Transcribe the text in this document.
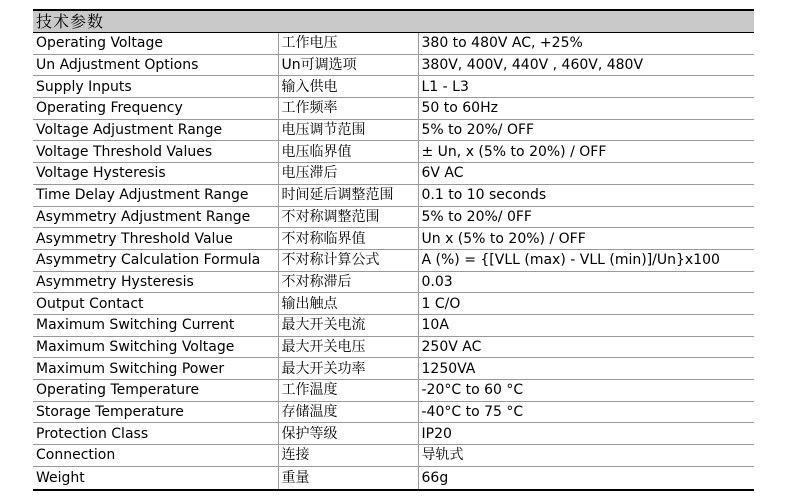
技术参数
Operating Voltage	工作电压	380 to 480V AC, +25%
Un Adjustment Options	Un可调选项	380V, 400V, 440V , 460V, 480V
Supply Inputs	输入供电	L1 - L3
Operating Frequency	工作频率	50 to 60Hz
Voltage Adjustment Range	电压调节范围	5% to 20%/ OFF
Voltage Threshold Values	电压临界值	± Un, x (5% to 20%) / OFF
Voltage Hysteresis	电压滞后	6V AC
Time Delay Adjustment Range	时间延后调整范围	0.1 to 10 seconds
Asymmetry Adjustment Range	不对称调整范围	5% to 20%/ 0FF
Asymmetry Threshold Value	不对称临界值	Un x (5% to 20%) / OFF
Asymmetry Calculation Formula	不对称计算公式	A (%) = {[VLL (max) - VLL (min)]/Un}x100
Asymmetry Hysteresis	不对称滞后	0.03
Output Contact	输出触点	1 C/O
Maximum Switching Current	最大开关电流	10A
Maximum Switching Voltage	最大开关电压	250V AC
Maximum Switching Power	最大开关功率	1250VA
Operating Temperature	工作温度	-20°C to 60 °C
Storage Temperature	存储温度	-40°C to 75 °C
Protection Class	保护等级	IP20
Connection	连接	导轨式
Weight	重量	66g
